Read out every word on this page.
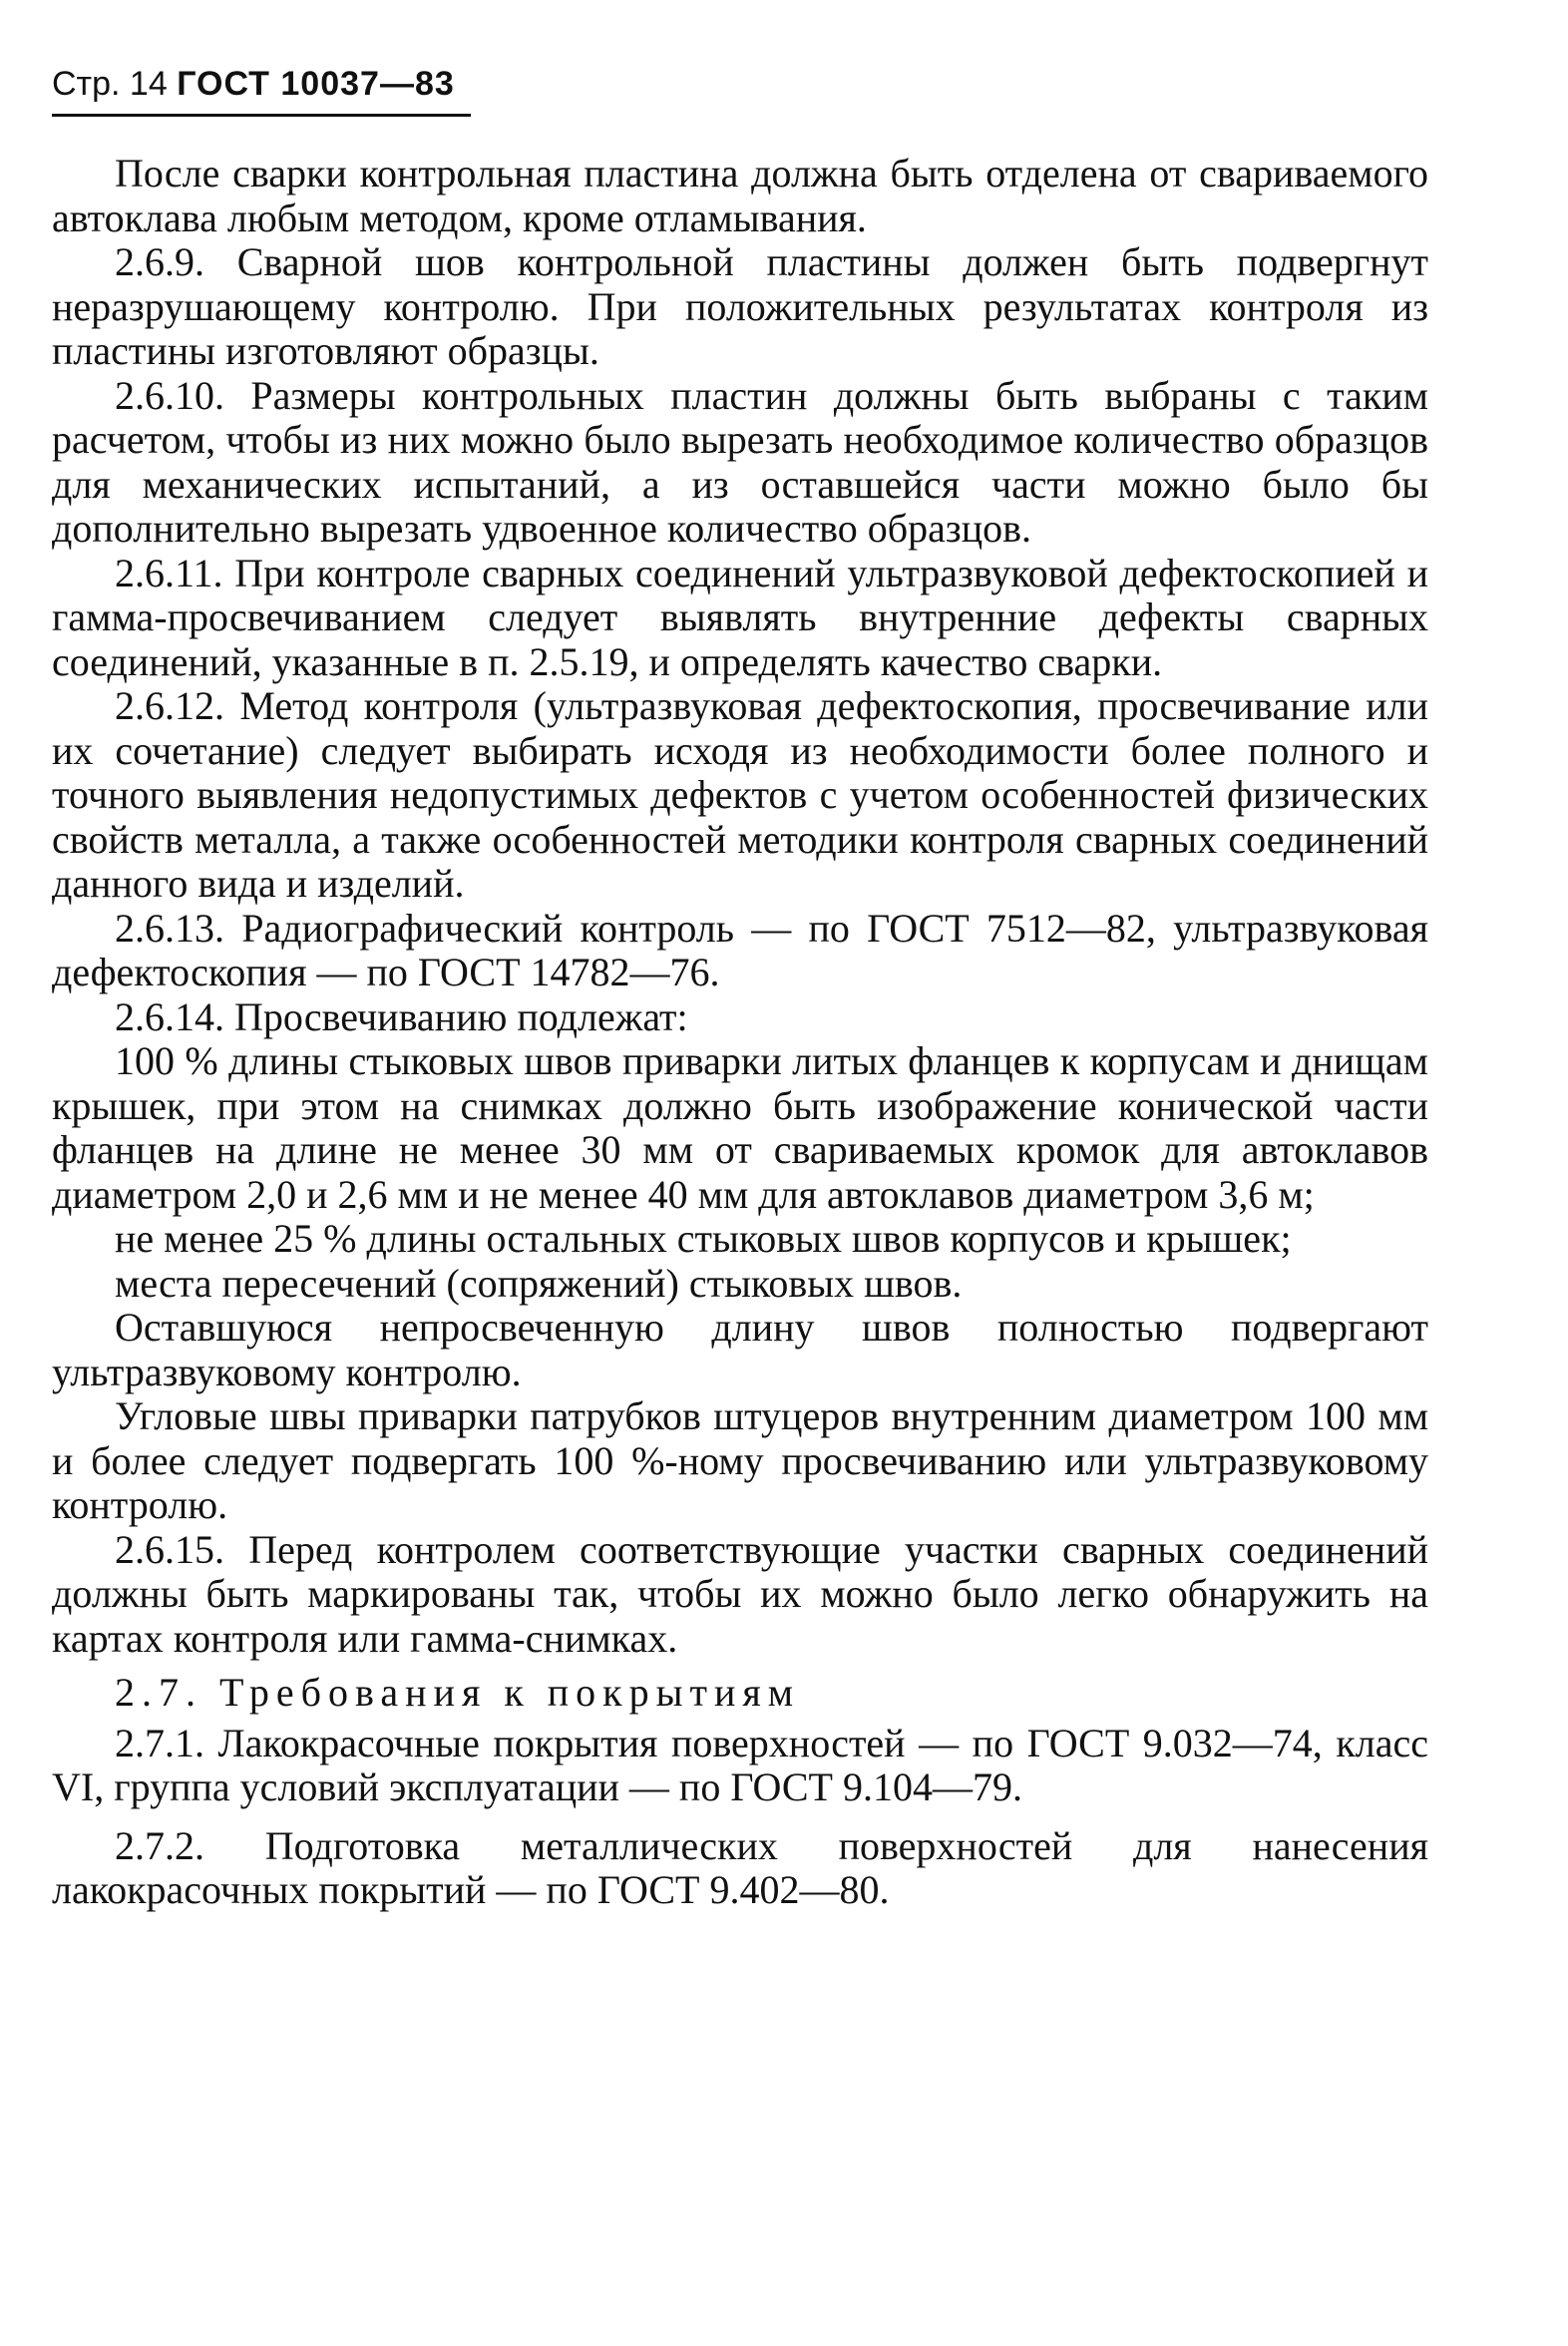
Стр. 14 ГОСТ 10037—83

После сварки контрольная пластина должна быть отделена от свариваемого автоклава любым методом, кроме отламывания.

2.6.9. Сварной шов контрольной пластины должен быть подвергнут неразрушающему контролю. При положительных результатах контроля из пластины изготовляют образцы.

2.6.10. Размеры контрольных пластин должны быть выбраны с таким расчетом, чтобы из них можно было вырезать необходимое количество образцов для механических испытаний, а из оставшейся части можно было бы дополнительно вырезать удвоенное количество образцов.

2.6.11. При контроле сварных соединений ультразвуковой дефектоскопией и гамма-просвечиванием следует выявлять внутренние дефекты сварных соединений, указанные в п. 2.5.19, и определять качество сварки.

2.6.12. Метод контроля (ультразвуковая дефектоскопия, просвечивание или их сочетание) следует выбирать исходя из необходимости более полного и точного выявления недопустимых дефектов с учетом особенностей физических свойств металла, а также особенностей методики контроля сварных соединений данного вида и изделий.

2.6.13. Радиографический контроль — по ГОСТ 7512—82, ультразвуковая дефектоскопия — по ГОСТ 14782—76.

2.6.14. Просвечиванию подлежат:

100 % длины стыковых швов приварки литых фланцев к корпусам и днищам крышек, при этом на снимках должно быть изображение конической части фланцев на длине не менее 30 мм от свариваемых кромок для автоклавов диаметром 2,0 и 2,6 мм и не менее 40 мм для автоклавов диаметром 3,6 м;

не менее 25 % длины остальных стыковых швов корпусов и крышек;

места пересечений (сопряжений) стыковых швов.

Оставшуюся непросвеченную длину швов полностью подвергают ультразвуковому контролю.

Угловые швы приварки патрубков штуцеров внутренним диаметром 100 мм и более следует подвергать 100 %-ному просвечиванию или ультразвуковому контролю.

2.6.15. Перед контролем соответствующие участки сварных соединений должны быть маркированы так, чтобы их можно было легко обнаружить на картах контроля или гамма-снимках.

2.7. Требования к покрытиям

2.7.1. Лакокрасочные покрытия поверхностей — по ГОСТ 9.032—74, класс VI, группа условий эксплуатации — по ГОСТ 9.104—79.

2.7.2. Подготовка металлических поверхностей для нанесения лакокрасочных покрытий — по ГОСТ 9.402—80.
